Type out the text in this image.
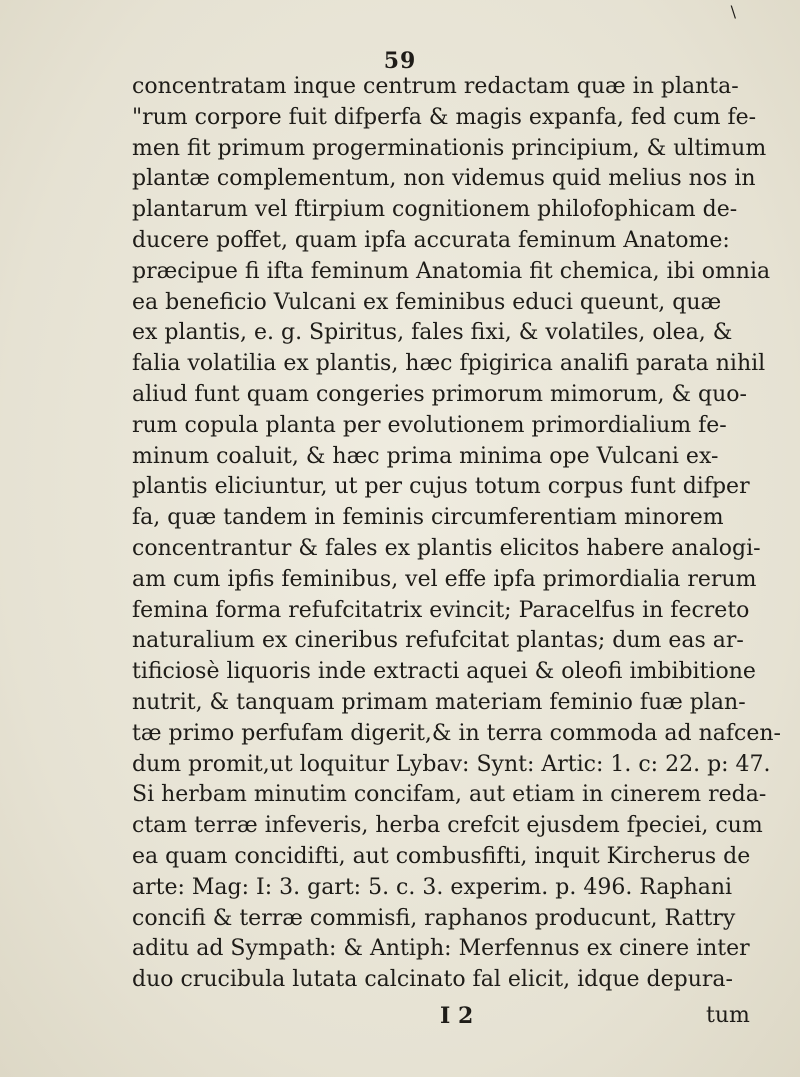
\
59
concentratam inque centrum redactam quæ in planta-
"rum corpore fuit difperfa & magis expanfa, fed cum fe-
men fit primum progerminationis principium, & ultimum
plantæ complementum, non videmus quid melius nos in
plantarum vel ftirpium cognitionem philofophicam de-
ducere poffet, quam ipfa accurata feminum Anatome:
præcipue fi ifta feminum Anatomia fit chemica, ibi omnia
ea beneficio Vulcani ex feminibus educi queunt, quæ
ex plantis, e. g. Spiritus, fales fixi, & volatiles, olea, &
falia volatilia ex plantis, hæc fpigirica analifi parata nihil
aliud funt quam congeries primorum mimorum, & quo-
rum copula planta per evolutionem primordialium fe-
minum coaluit, & hæc prima minima ope Vulcani ex-
plantis eliciuntur, ut per cujus totum corpus funt difper
fa, quæ tandem in feminis circumferentiam minorem
concentrantur & fales ex plantis elicitos habere analogi-
am cum ipfis feminibus, vel effe ipfa primordialia rerum
femina forma refufcitatrix evincit; Paracelfus in fecreto
naturalium ex cineribus refufcitat plantas; dum eas ar-
tificiosè liquoris inde extracti aquei & oleofi imbibitione
nutrit, & tanquam primam materiam feminio fuæ plan-
tæ primo perfufam digerit,& in terra commoda ad nafcen-
dum promit,ut loquitur Lybav: Synt: Artic: 1. c: 22. p: 47.
Si herbam minutim concifam, aut etiam in cinerem reda-
ctam terræ infeveris, herba crefcit ejusdem fpeciei, cum
ea quam concidifti, aut combusfifti, inquit Kircherus de
arte: Mag: I: 3. gart: 5. c. 3. experim. p. 496. Raphani
concifi & terræ commisfi, raphanos producunt, Rattry
aditu ad Sympath: & Antiph: Merfennus ex cinere inter
duo crucibula lutata calcinato fal elicit, idque depura-
I 2	tum
